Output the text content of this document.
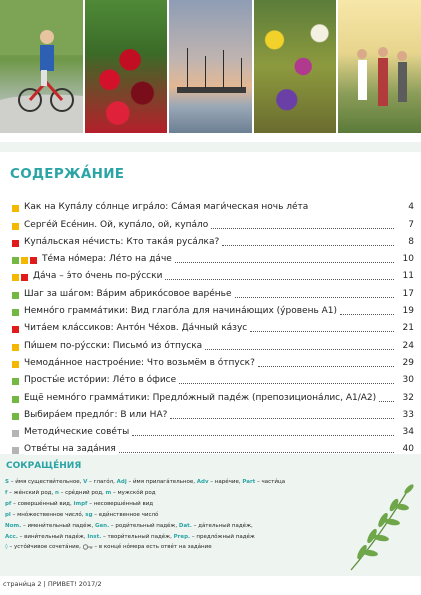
СОДЕРЖА́НИЕ
Как на Купа́лу со́лнце игра́ло: Са́мая маги́ческая ночь ле́та	4
Серге́й Есе́нин. Ой, купа́ло, ой, купа́ло	7
Купа́льская не́чисть: Кто така́я руса́лка?	8
Те́ма но́мера: Ле́то на да́че	10
Да́ча – э́то о́чень по-ру́сски	11
Шаг за ша́гом: Ва́рим абрико́совое варе́нье	17
Немно́го грамма́тики: Вид глаго́ла для начина́ющих (у́ровень A1)	19
Чита́ем кла́ссиков: Анто́н Че́хов. Да́чный ка́зус	21
Пи́шем по-ру́сски: Письмо́ из о́тпуска	24
Чемода́нное настрое́ние: Что возьмём в о́тпуск?	29
Просты́е исто́рии: Ле́то в о́фисе	30
Ещё немно́го грамма́тики: Предло́жный паде́ж (препозициона́лис, A1/A2)	32
Выбира́ем предло́г: В или НА?	33
Методи́ческие сове́ты	34
Отве́ты на зада́ния	40
СОКРАЩЕ́НИЯ
S – и́мя существи́тельное, V – глаго́л, Adj – и́мя прилага́тельное, Adv – наре́чие, Part – части́ца
f – же́нский род, n – сре́дний род, m – мужско́й род
pf – соверше́нный вид, impf – несоверше́нный вид
pl – мно́жественное число́, sg – еди́нственное число́
Nom. – имени́тельный паде́ж, Gen. – роди́тельный паде́ж, Dat. – да́тельный паде́ж,
Acc. – вини́тельный паде́ж, Inst. – твори́тельный паде́ж, Prep. – предло́жный паде́ж
◊ – усто́йчивое сочета́ние,  – в конце́ но́мера есть отве́т на зада́ние
страни́ца 2 | ПРИВЕТ! 2017/2
